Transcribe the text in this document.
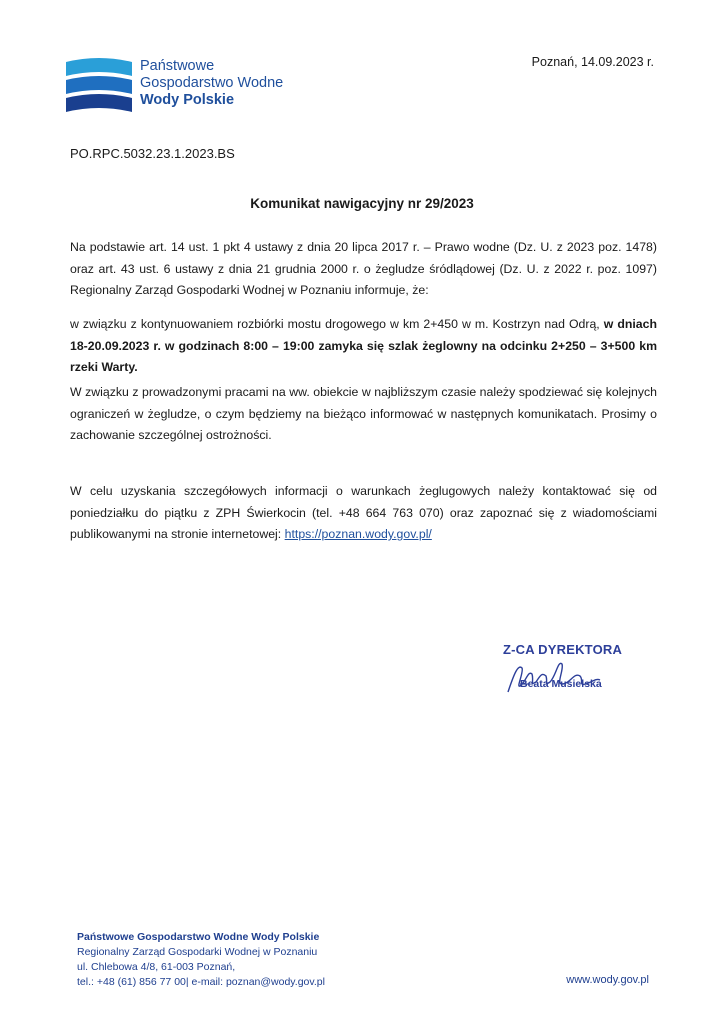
Państwowe
Gospodarstwo Wodne
Wody Polskie
Poznań, 14.09.2023 r.
PO.RPC.5032.23.1.2023.BS
Komunikat nawigacyjny nr 29/2023
Na podstawie art. 14 ust. 1 pkt 4 ustawy z dnia 20 lipca 2017 r. – Prawo wodne (Dz. U. z 2023 poz. 1478) oraz art. 43 ust. 6 ustawy z dnia 21 grudnia 2000 r. o żegludze śródlądowej (Dz. U. z 2022 r. poz. 1097) Regionalny Zarząd Gospodarki Wodnej w Poznaniu informuje, że:
w związku z kontynuowaniem rozbiórki mostu drogowego w km 2+450 w m. Kostrzyn nad Odrą, w dniach 18-20.09.2023 r. w godzinach 8:00 – 19:00 zamyka się szlak żeglowny na odcinku 2+250 – 3+500 km rzeki Warty.
W związku z prowadzonymi pracami na ww. obiekcie w najbliższym czasie należy spodziewać się kolejnych ograniczeń w żegludze, o czym będziemy na bieżąco informować w następnych komunikatach. Prosimy o zachowanie szczególnej ostrożności.
W celu uzyskania szczegółowych informacji o warunkach żeglugowych należy kontaktować się od poniedziałku do piątku z ZPH Świerkocin (tel. +48 664 763 070) oraz zapoznać się z wiadomościami publikowanymi na stronie internetowej: https://poznan.wody.gov.pl/
Z-CA DYREKTORA
Beata Musielska
Państwowe Gospodarstwo Wodne Wody Polskie
Regionalny Zarząd Gospodarki Wodnej w Poznaniu
ul. Chlebowa 4/8, 61-003 Poznań,
tel.: +48 (61) 856 77 00| e-mail: poznan@wody.gov.pl	www.wody.gov.pl
